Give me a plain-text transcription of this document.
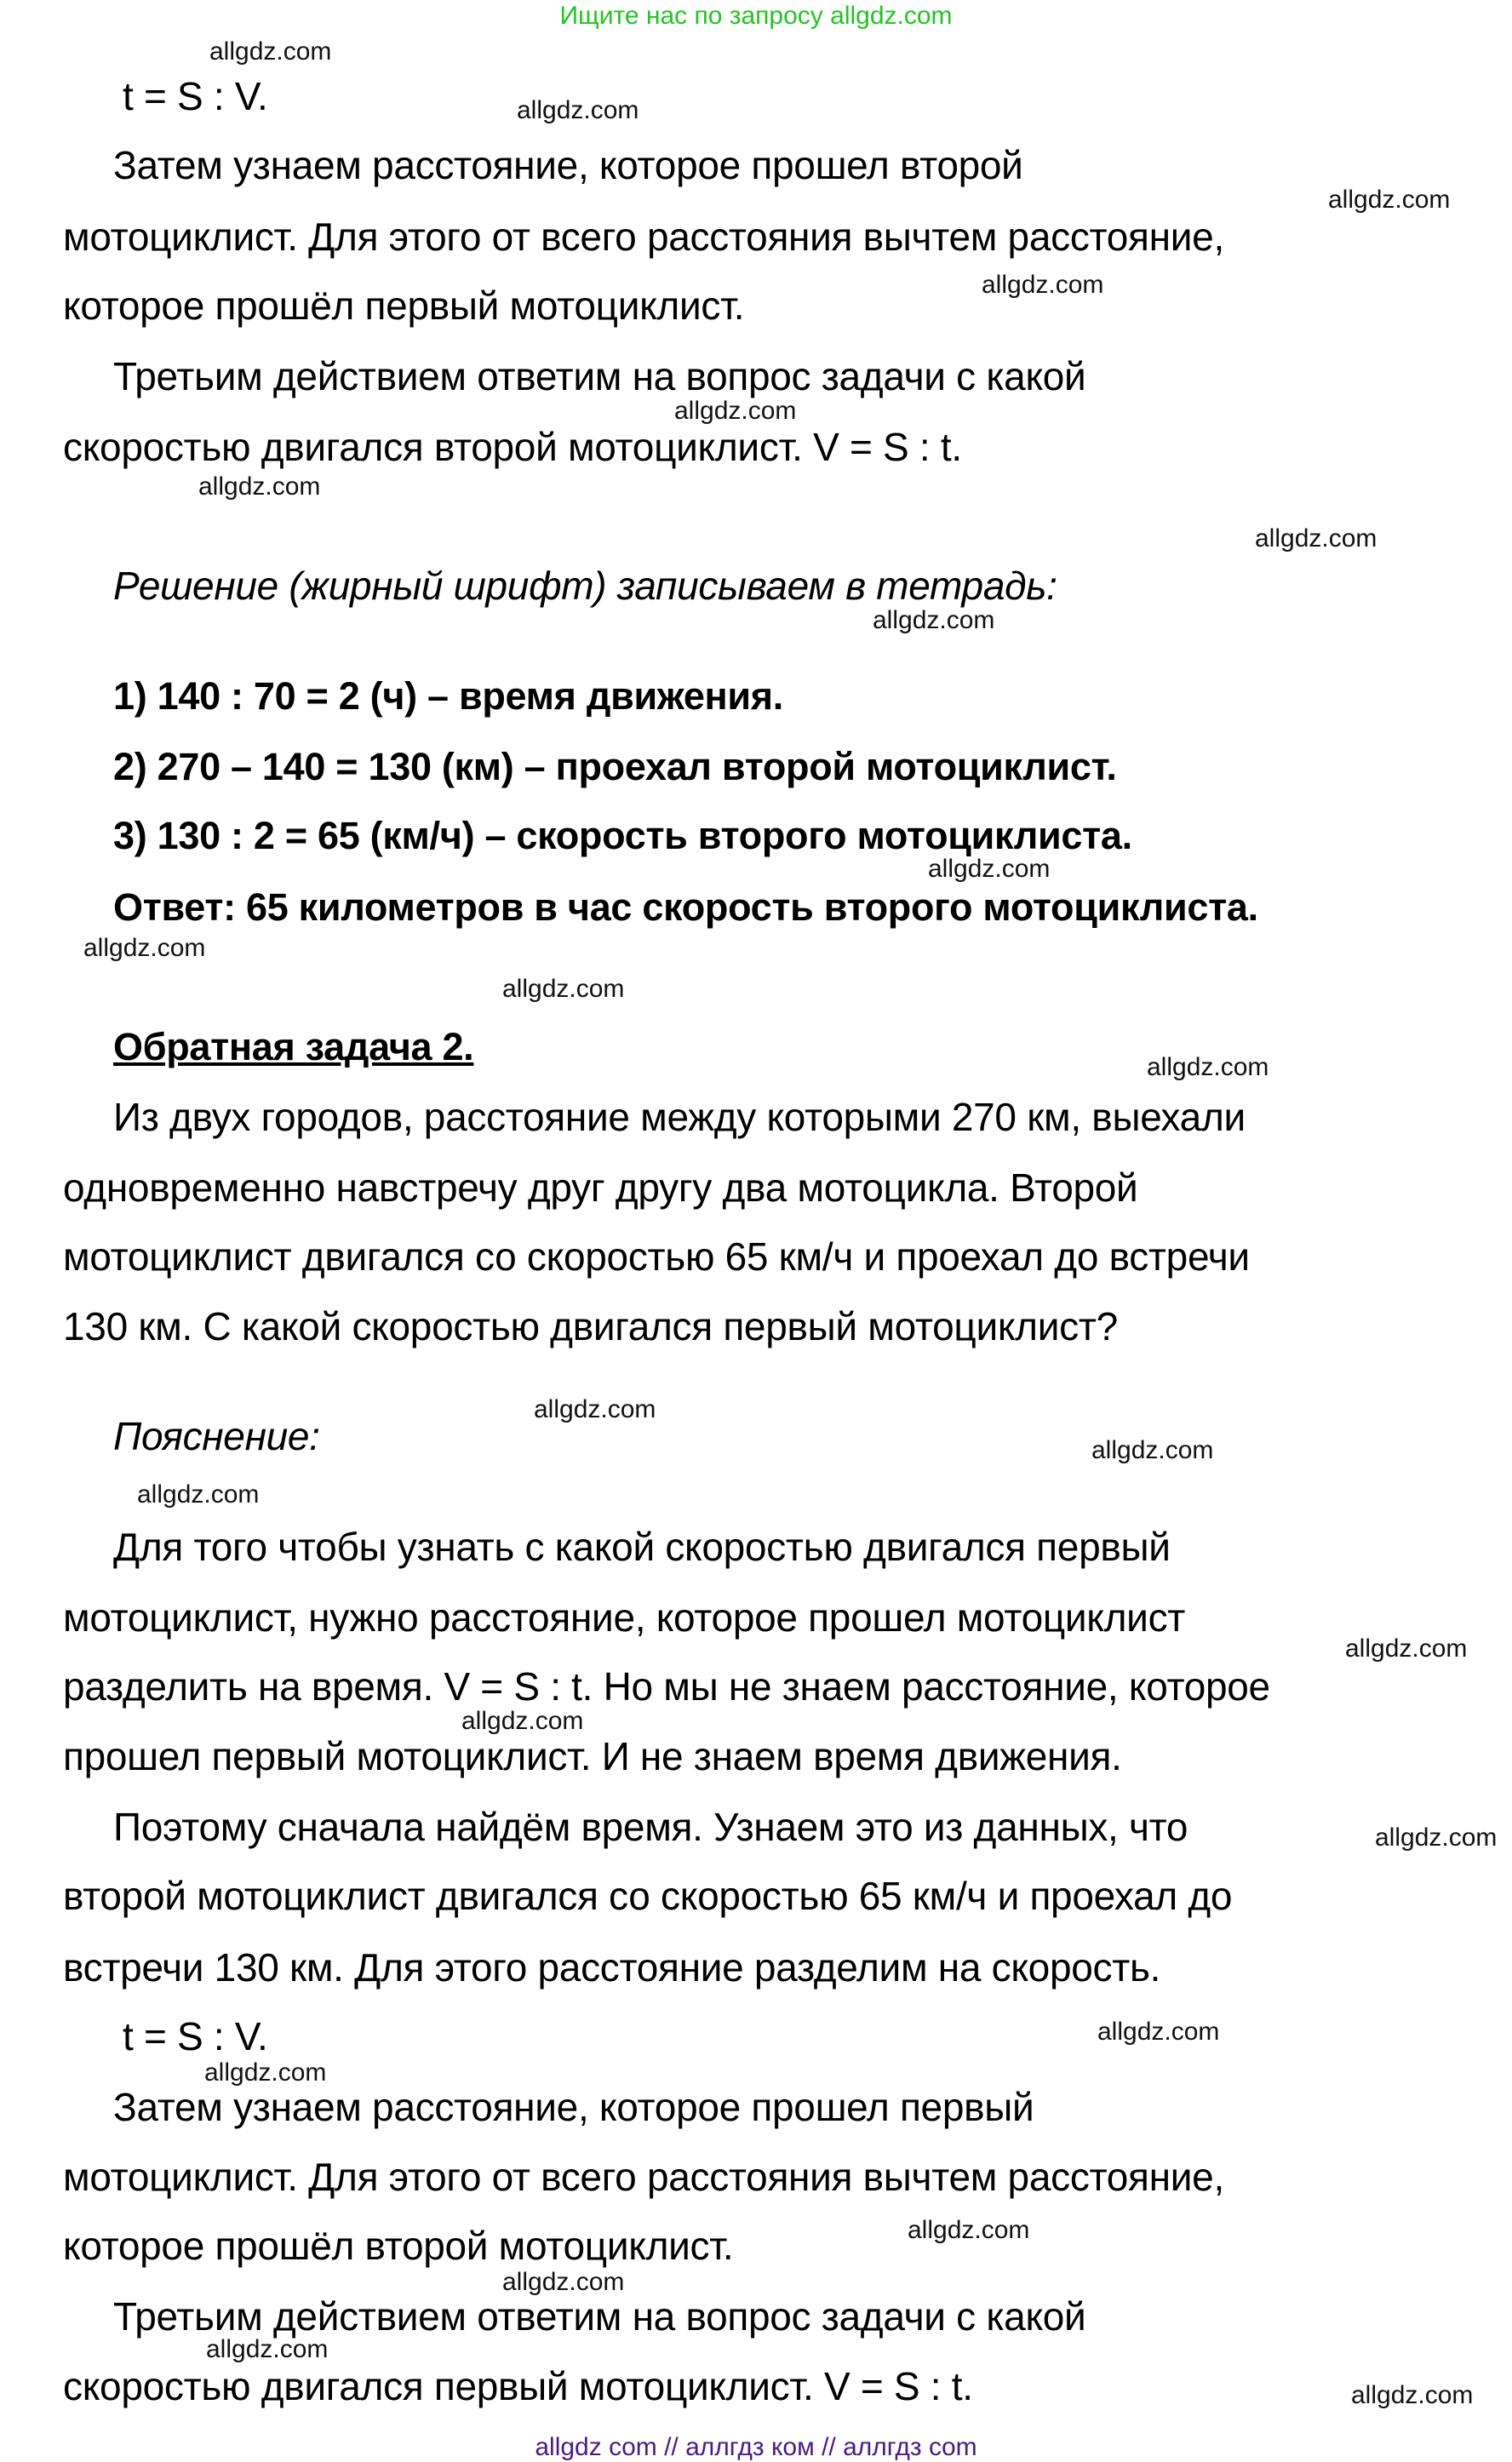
Ищите нас по запросу allgdz.com
t = S : V.
Затем узнаем расстояние, которое прошел второй
мотоциклист. Для этого от всего расстояния вычтем расстояние,
которое прошёл первый мотоциклист.
Третьим действием ответим на вопрос задачи с какой
скоростью двигался второй мотоциклист. V = S : t.
Решение (жирный шрифт) записываем в тетрадь:
1) 140 : 70 = 2 (ч) – время движения.
2) 270 – 140 = 130 (км) – проехал второй мотоциклист.
3) 130 : 2 = 65 (км/ч) – скорость второго мотоциклиста.
Ответ: 65 километров в час скорость второго мотоциклиста.
Обратная задача 2.
Из двух городов, расстояние между которыми 270 км, выехали
одновременно навстречу друг другу два мотоцикла. Второй
мотоциклист двигался со скоростью 65 км/ч и проехал до встречи
130 км. С какой скоростью двигался первый мотоциклист?
Пояснение:
Для того чтобы узнать с какой скоростью двигался первый
мотоциклист, нужно расстояние, которое прошел мотоциклист
разделить на время. V = S : t. Но мы не знаем расстояние, которое
прошел первый мотоциклист. И не знаем время движения.
Поэтому сначала найдём время. Узнаем это из данных, что
второй мотоциклист двигался со скоростью 65 км/ч и проехал до
встречи 130 км. Для этого расстояние разделим на скорость.
t = S : V.
Затем узнаем расстояние, которое прошел первый
мотоциклист. Для этого от всего расстояния вычтем расстояние,
которое прошёл второй мотоциклист.
Третьим действием ответим на вопрос задачи с какой
скоростью двигался первый мотоциклист. V = S : t.
allgdz.com
allgdz.com
allgdz.com
allgdz.com
allgdz.com
allgdz.com
allgdz.com
allgdz.com
allgdz.com
allgdz.com
allgdz.com
allgdz.com
allgdz.com
allgdz.com
allgdz.com
allgdz.com
allgdz.com
allgdz.com
allgdz.com
allgdz.com
allgdz.com
allgdz.com
allgdz.com
allgdz.com
allgdz com // аллгдз ком // аллгдз com
